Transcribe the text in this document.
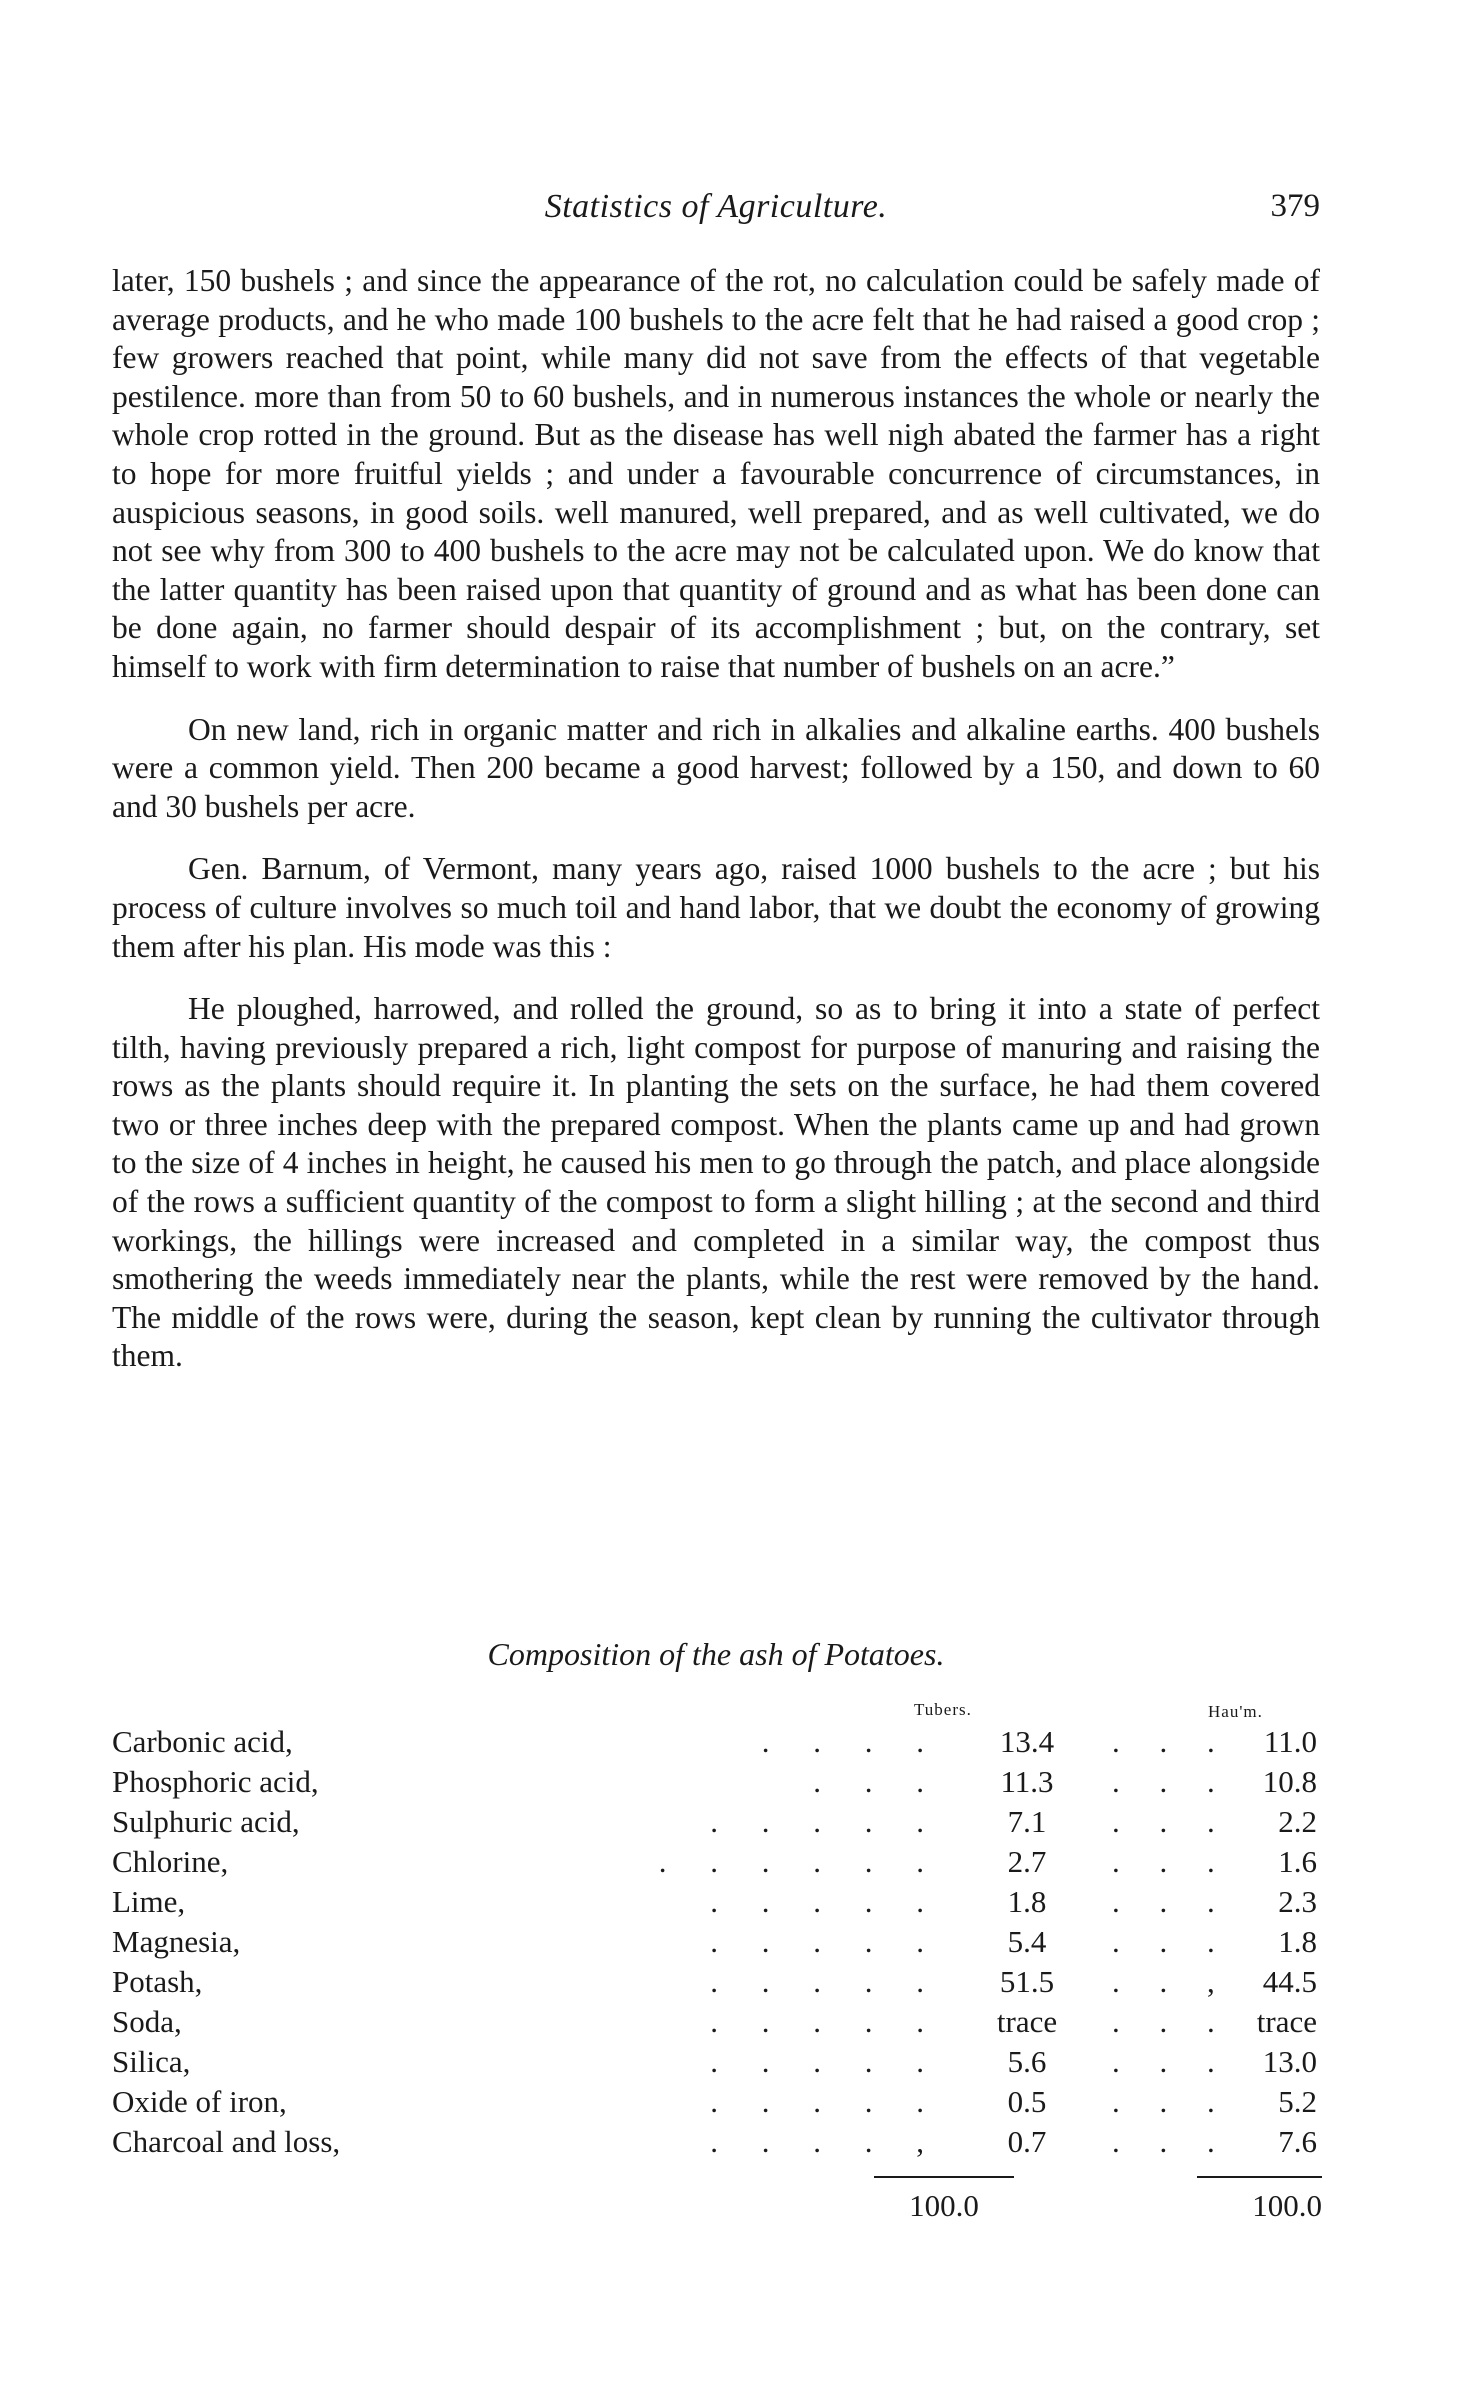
Statistics of Agriculture.	379

later, 150 bushels ; and since the appearance of the rot, no calculation could be safely made of average products, and he who made 100 bushels to the acre felt that he had raised a good crop ; few growers reached that point, while many did not save from the effects of that vegetable pestilence. more than from 50 to 60 bushels, and in numerous instances the whole or nearly the whole crop rotted in the ground. But as the disease has well nigh abated the farmer has a right to hope for more fruitful yields ; and under a favourable concurrence of circumstances, in auspicious seasons, in good soils. well manured, well prepared, and as well cultivated, we do not see why from 300 to 400 bushels to the acre may not be calculated upon. We do know that the latter quantity has been raised upon that quantity of ground and as what has been done can be done again, no farmer should despair of its accomplishment ; but, on the contrary, set himself to work with firm determination to raise that number of bushels on an acre.”

On new land, rich in organic matter and rich in alkalies and alkaline earths. 400 bushels were a common yield. Then 200 became a good harvest; followed by a 150, and down to 60 and 30 bushels per acre.

Gen. Barnum, of Vermont, many years ago, raised 1000 bushels to the acre ; but his process of culture involves so much toil and hand labor, that we doubt the economy of growing them after his plan. His mode was this :

He ploughed, harrowed, and rolled the ground, so as to bring it into a state of perfect tilth, having previously prepared a rich, light compost for purpose of manuring and raising the rows as the plants should require it. In planting the sets on the surface, he had them covered two or three inches deep with the prepared compost. When the plants came up and had grown to the size of 4 inches in height, he caused his men to go through the patch, and place alongside of the rows a sufficient quantity of the compost to form a slight hilling ; at the second and third workings, the hillings were increased and completed in a similar way, the compost thus smothering the weeds immediately near the plants, while the rest were removed by the hand. The middle of the rows were, during the season, kept clean by running the cultivator through them.

Composition of the ash of Potatoes.
Tubers.	Hau'm.
Carbonic acid,	. . . .	13.4	. . .	11.0
Phosphoric acid,	. . .	11.3	. . .	10.8
Sulphuric acid,	. . . . .	7.1	. . .	2.2
Chlorine,	. . . . . .	2.7	. . .	1.6
Lime,	. . . . .	1.8	. . .	2.3
Magnesia,	. . . . .	5.4	. . .	1.8
Potash,	. . . . .	51.5	. . ,	44.5
Soda,	. . . . .	trace	. . . trace
Silica,	. . . . .	5.6	. . .	13.0
Oxide of iron,	. . . . .	0.5	. . .	5.2
Charcoal and loss,	. . . . ,	0.7	. . .	7.6
100.0	100.0
